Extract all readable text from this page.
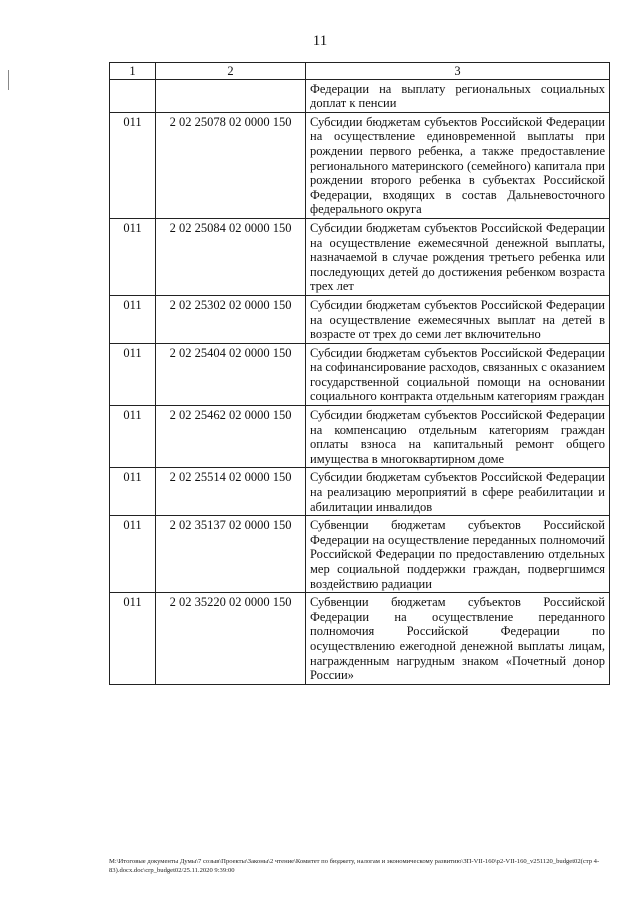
11
1	2	3
		Федерации на выплату региональных социальных доплат к пенсии
011	2 02 25078 02 0000 150	Субсидии бюджетам субъектов Российской Федерации на осуществление единовременной выплаты при рождении первого ребенка, а также предоставление регионального материнского (семейного) капитала при рождении второго ребенка в субъектах Российской Федерации, входящих в состав Дальневосточного федерального округа
011	2 02 25084 02 0000 150	Субсидии бюджетам субъектов Российской Федерации на осуществление ежемесячной денежной выплаты, назначаемой в случае рождения третьего ребенка или последующих детей до достижения ребенком возраста трех лет
011	2 02 25302 02 0000 150	Субсидии бюджетам субъектов Российской Федерации на осуществление ежемесячных выплат на детей в возрасте от трех до семи лет включительно
011	2 02 25404 02 0000 150	Субсидии бюджетам субъектов Российской Федерации на софинансирование расходов, связанных с оказанием государственной социальной помощи на основании социального контракта отдельным категориям граждан
011	2 02 25462 02 0000 150	Субсидии бюджетам субъектов Российской Федерации на компенсацию отдельным категориям граждан оплаты взноса на капитальный ремонт общего имущества в многоквартирном доме
011	2 02 25514 02 0000 150	Субсидии бюджетам субъектов Российской Федерации на реализацию мероприятий в сфере реабилитации и абилитации инвалидов
011	2 02 35137 02 0000 150	Субвенции бюджетам субъектов Российской Федерации на осуществление переданных полномочий Российской Федерации по предоставлению отдельных мер социальной поддержки граждан, подвергшимся воздействию радиации
011	2 02 35220 02 0000 150	Субвенции бюджетам субъектов Российской Федерации на осуществление переданного полномочия Российской Федерации по осуществлению ежегодной денежной выплаты лицам, награжденным нагрудным знаком «Почетный донор России»
M:\Итоговые документы Думы\7 созыв\Проекты\Законы\2 чтение\Комитет по бюджету, налогам и экономическому развитию\ЗП-VII-160\р2-VII-160_v251120_budget02(стр 4-83).docx.doc\crp_budget02/25.11.2020 9:39:00
